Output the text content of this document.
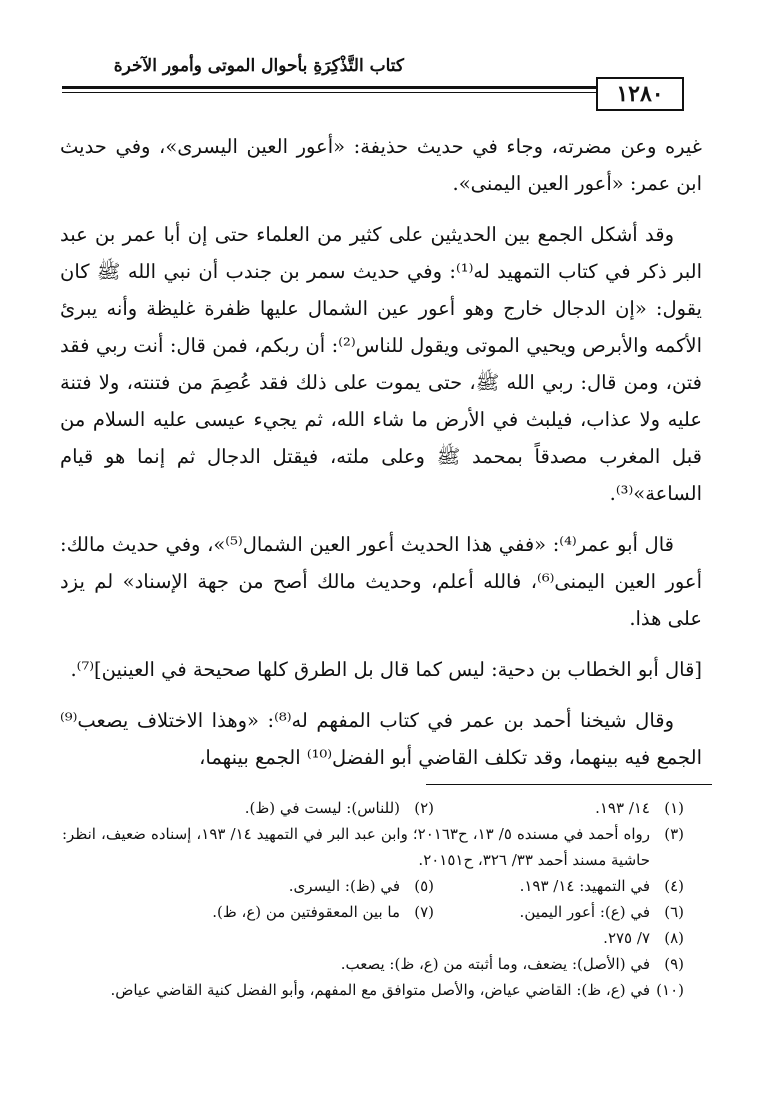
كتاب التَّذْكِرَةِ بأحوال الموتى وأمور الآخرة
١٢٨٠

غيره وعن مضرته، وجاء في حديث حذيفة: «أعور العين اليسرى»، وفي حديث ابن عمر: «أعور العين اليمنى».

وقد أشكل الجمع بين الحديثين على كثير من العلماء حتى إن أبا عمر بن عبد البر ذكر في كتاب التمهيد له⁽¹⁾: وفي حديث سمر بن جندب أن نبي الله ﷺ كان يقول: «إن الدجال خارج وهو أعور عين الشمال عليها ظفرة غليظة وأنه يبرئ الأكمه والأبرص ويحيي الموتى ويقول للناس⁽²⁾: أن ربكم، فمن قال: أنت ربي فقد فتن، ومن قال: ربي الله ﷺ، حتى يموت على ذلك فقد عُصِمَ من فتنته، ولا فتنة عليه ولا عذاب، فيلبث في الأرض ما شاء الله، ثم يجيء عيسى عليه السلام من قبل المغرب مصدقاً بمحمد ﷺ وعلى ملته، فيقتل الدجال ثم إنما هو قيام الساعة»⁽³⁾.

قال أبو عمر⁽⁴⁾: «ففي هذا الحديث أعور العين الشمال⁽⁵⁾»، وفي حديث مالك: أعور العين اليمنى⁽⁶⁾، فالله أعلم، وحديث مالك أصح من جهة الإسناد» لم يزد على هذا.

[قال أبو الخطاب بن دحية: ليس كما قال بل الطرق كلها صحيحة في العينين]⁽⁷⁾.

وقال شيخنا أحمد بن عمر في كتاب المفهم له⁽⁸⁾: «وهذا الاختلاف يصعب⁽⁹⁾ الجمع فيه بينهما، وقد تكلف القاضي أبو الفضل⁽¹⁰⁾ الجمع بينهما،

(١)
١٤/ ١٩٣.
(٢)
(للناس): ليست في (ظ).
(٣)
رواه أحمد في مسنده ٥/ ١٣، ح٢٠١٦٣؛ وابن عبد البر في التمهيد ١٤/ ١٩٣، إسناده ضعيف، انظر: حاشية مسند أحمد ٣٣/ ٣٢٦، ح٢٠١٥١.
(٤)
في التمهيد: ١٤/ ١٩٣.
(٥)
في (ظ): اليسرى.
(٦)
في (ع): أعور اليمين.
(٧)
ما بين المعقوفتين من (ع، ظ).
(٨)
٧/ ٢٧٥.
(٩)
في (الأصل): يضعف، وما أثبته من (ع، ظ): يصعب.
(١٠)
في (ع، ظ): القاضي عياض، والأصل متوافق مع المفهم، وأبو الفضل كنية القاضي عياض.
